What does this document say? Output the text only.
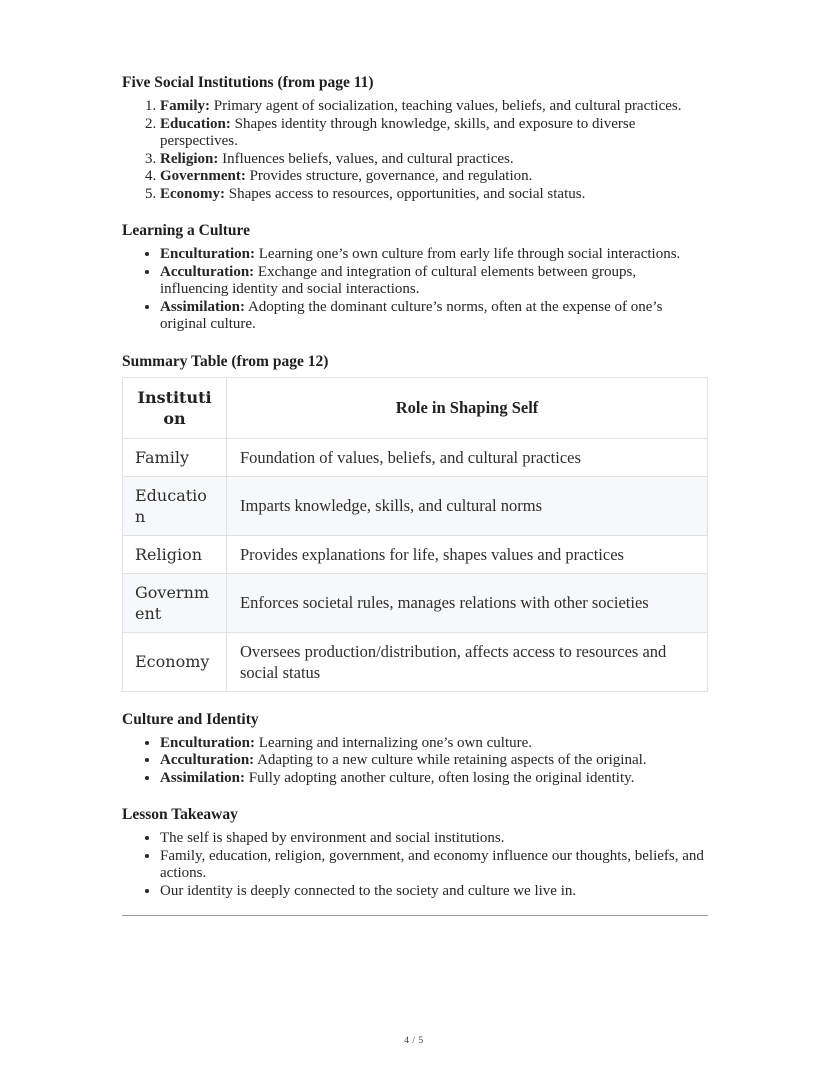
Five Social Institutions (from page 11)
1. Family: Primary agent of socialization, teaching values, beliefs, and cultural practices.
2. Education: Shapes identity through knowledge, skills, and exposure to diverse perspectives.
3. Religion: Influences beliefs, values, and cultural practices.
4. Government: Provides structure, governance, and regulation.
5. Economy: Shapes access to resources, opportunities, and social status.
Learning a Culture
• Enculturation: Learning one’s own culture from early life through social interactions.
• Acculturation: Exchange and integration of cultural elements between groups, influencing identity and social interactions.
• Assimilation: Adopting the dominant culture’s norms, often at the expense of one’s original culture.
Summary Table (from page 12)
Institution	Role in Shaping Self
Family	Foundation of values, beliefs, and cultural practices
Education	Imparts knowledge, skills, and cultural norms
Religion	Provides explanations for life, shapes values and practices
Government	Enforces societal rules, manages relations with other societies
Economy	Oversees production/distribution, affects access to resources and social status
Culture and Identity
• Enculturation: Learning and internalizing one’s own culture.
• Acculturation: Adapting to a new culture while retaining aspects of the original.
• Assimilation: Fully adopting another culture, often losing the original identity.
Lesson Takeaway
• The self is shaped by environment and social institutions.
• Family, education, religion, government, and economy influence our thoughts, beliefs, and actions.
• Our identity is deeply connected to the society and culture we live in.
4 / 5
